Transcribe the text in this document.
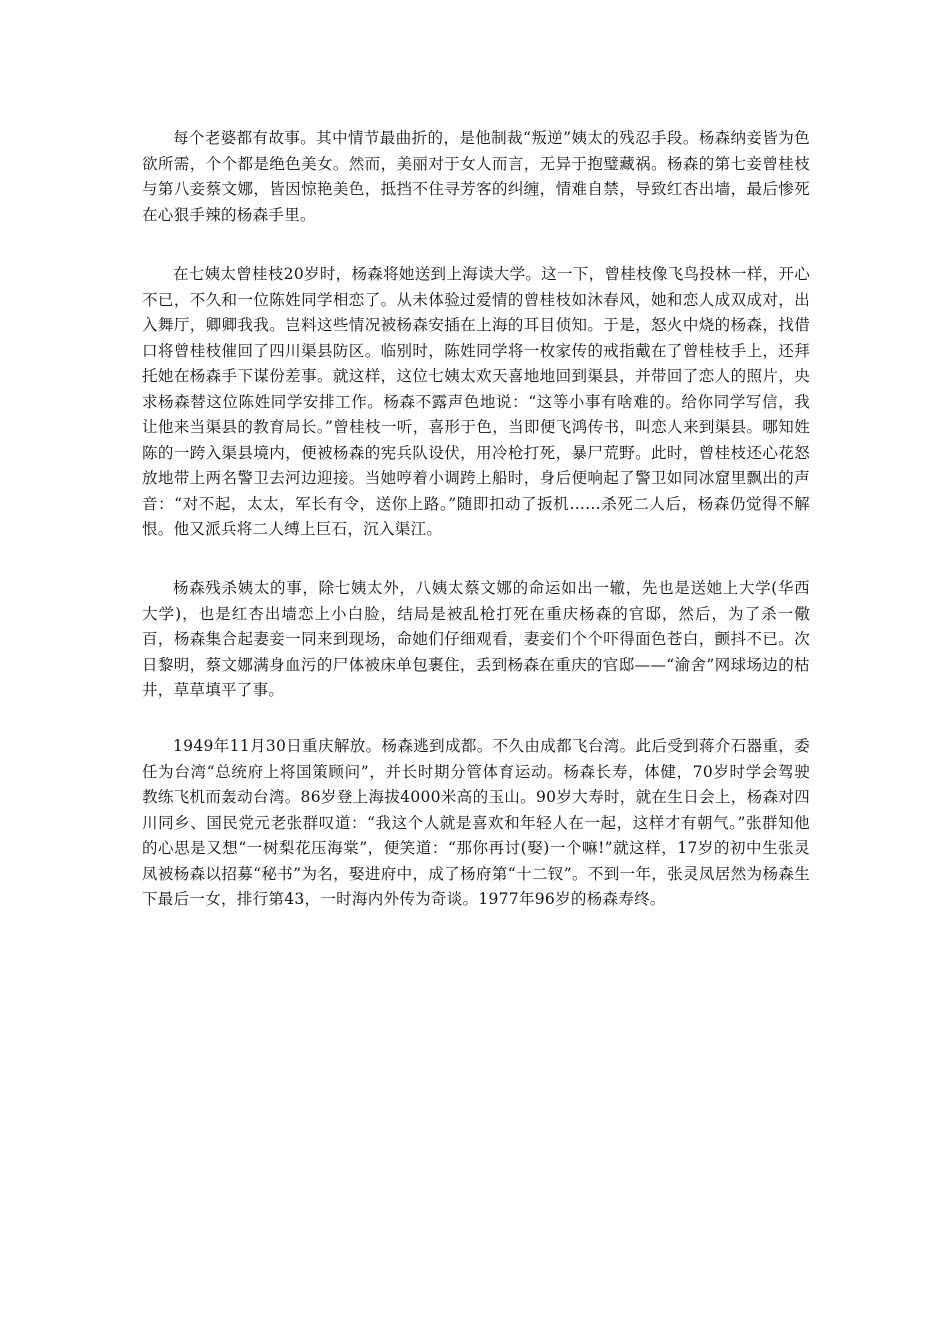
每个老婆都有故事。其中情节最曲折的，是他制裁“叛逆”姨太的残忍手段。杨森纳妾皆为色欲所需，个个都是绝色美女。然而，美丽对于女人而言，无异于抱璧藏祸。杨森的第七妾曾桂枝与第八妾蔡文娜，皆因惊艳美色，抵挡不住寻芳客的纠缠，情难自禁，导致红杏出墙，最后惨死在心狠手辣的杨森手里。

在七姨太曾桂枝20岁时，杨森将她送到上海读大学。这一下，曾桂枝像飞鸟投林一样，开心不已，不久和一位陈姓同学相恋了。从未体验过爱情的曾桂枝如沐春风，她和恋人成双成对，出入舞厅，卿卿我我。岂料这些情况被杨森安插在上海的耳目侦知。于是，怒火中烧的杨森，找借口将曾桂枝催回了四川渠县防区。临别时，陈姓同学将一枚家传的戒指戴在了曾桂枝手上，还拜托她在杨森手下谋份差事。就这样，这位七姨太欢天喜地地回到渠县，并带回了恋人的照片，央求杨森替这位陈姓同学安排工作。杨森不露声色地说：“这等小事有啥难的。给你同学写信，我让他来当渠县的教育局长。”曾桂枝一听，喜形于色，当即便飞鸿传书，叫恋人来到渠县。哪知姓陈的一跨入渠县境内，便被杨森的宪兵队设伏，用冷枪打死，暴尸荒野。此时，曾桂枝还心花怒放地带上两名警卫去河边迎接。当她哼着小调跨上船时，身后便响起了警卫如同冰窟里飘出的声音：“对不起，太太，军长有令，送你上路。”随即扣动了扳机……杀死二人后，杨森仍觉得不解恨。他又派兵将二人缚上巨石，沉入渠江。

杨森残杀姨太的事，除七姨太外，八姨太蔡文娜的命运如出一辙，先也是送她上大学(华西大学)，也是红杏出墙恋上小白脸，结局是被乱枪打死在重庆杨森的官邸，然后，为了杀一儆百，杨森集合起妻妾一同来到现场，命她们仔细观看，妻妾们个个吓得面色苍白，颤抖不已。次日黎明，蔡文娜满身血污的尸体被床单包裹住，丢到杨森在重庆的官邸——“渝舍”网球场边的枯井，草草填平了事。

1949年11月30日重庆解放。杨森逃到成都。不久由成都飞台湾。此后受到蒋介石器重，委任为台湾“总统府上将国策顾问”，并长时期分管体育运动。杨森长寿，体健，70岁时学会驾驶教练飞机而轰动台湾。86岁登上海拔4000米高的玉山。90岁大寿时，就在生日会上，杨森对四川同乡、国民党元老张群叹道：“我这个人就是喜欢和年轻人在一起，这样才有朝气。”张群知他的心思是又想“一树梨花压海棠”，便笑道：“那你再讨(娶)一个嘛!”就这样，17岁的初中生张灵凤被杨森以招募“秘书”为名，娶进府中，成了杨府第“十二钗”。不到一年，张灵凤居然为杨森生下最后一女，排行第43，一时海内外传为奇谈。1977年96岁的杨森寿终。
